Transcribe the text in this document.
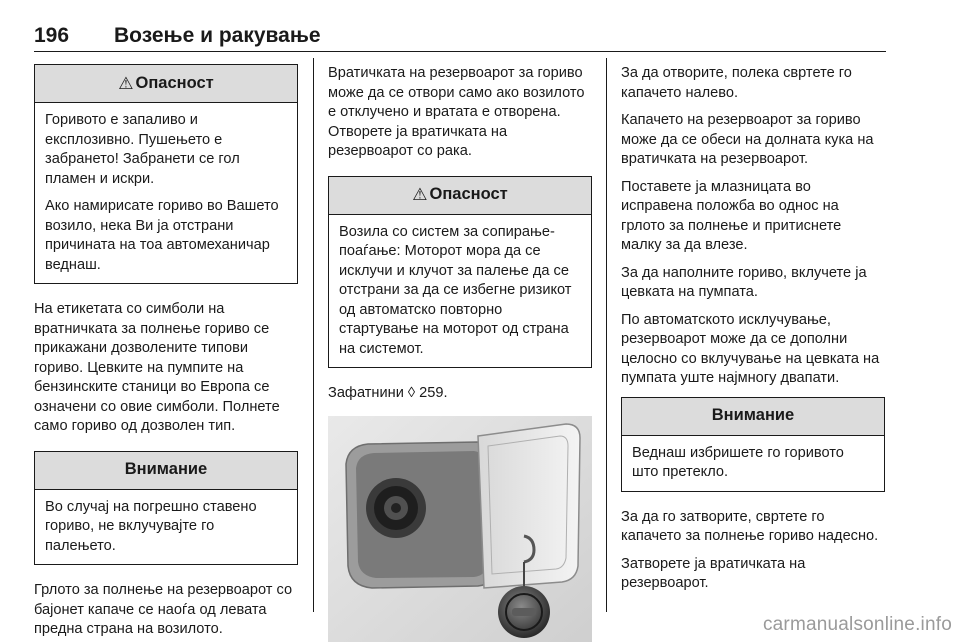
196 Возење и ракување
⚠ Опасност

Горивото е запаливо и експлозивно. Пушењето е забрането! Забранети се гол пламен и искри.

Ако намирисате гориво во Вашето возило, нека Ви ја отстрани причината на тоа автомеханичар веднаш.

На етикетата со симболи на вратничката за полнење гориво се прикажани дозволените типови гориво. Цевките на пумпите на бензинските станици во Европа се означени со овие симболи. Полнете само гориво од дозволен тип.

Внимание

Во случај на погрешно ставено гориво, не вклучувајте го палењето.

Грлото за полнење на резервоарот со бајонет капаче се наоѓа од левата предна страна на возилото.

Вратичката на резервоарот за гориво може да се отвори само ако возилото е отклучено и вратата е отворена. Отворете ја вратичката на резервоарот со рака.

⚠ Опасност

Возила со систем за сопирање-поаѓање: Моторот мора да се исклучи и клучот за палење да се отстрани за да се избегне ризикот од автоматско повторно стартување на моторот од страна на системот.

Зафатнини ◊ 259.

За да отворите, полека свртете го капачето налево.

Капачето на резервоарот за гориво може да се обеси на долната кука на вратичката на резервоарот.

Поставете ја млазницата во исправена положба во однос на грлото за полнење и притиснете малку за да влезе.

За да наполните гориво, вклучете ја цевката на пумпата.

По автоматското исклучување, резервоарот може да се дополни целосно со вклучување на цевката на пумпата уште најмногу двапати.

Внимание

Веднаш избришете го горивото што претекло.

За да го затворите, свртете го капачето за полнење гориво надесно.

Затворете ја вратичката на резервоарот.

carmanualsonline.info
